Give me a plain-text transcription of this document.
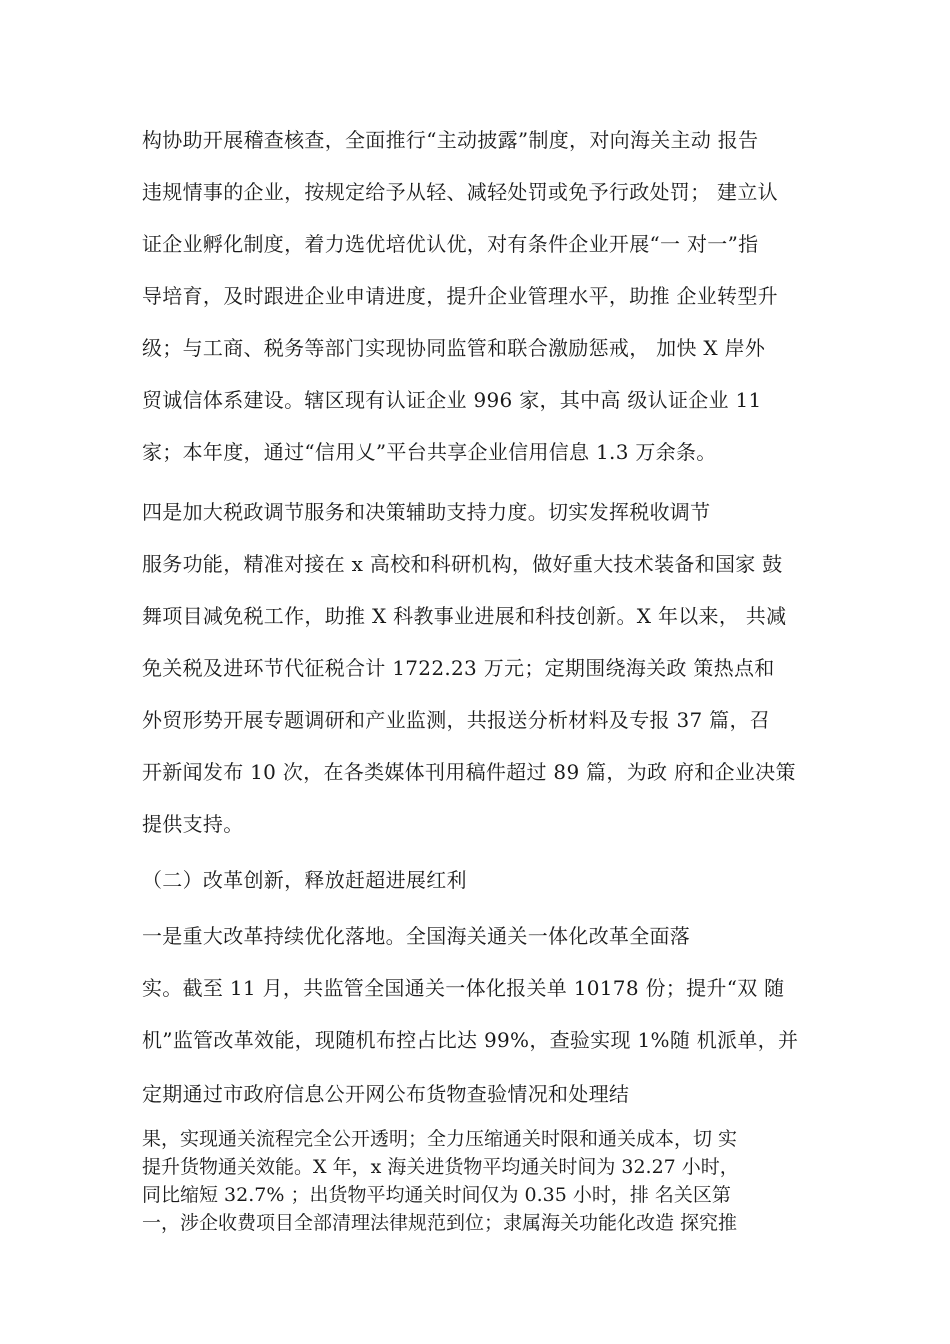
构协助开展稽查核查，全面推行“主动披露”制度，对向海关主动 报告

违规情事的企业，按规定给予从轻、减轻处罚或免予行政处罚； 建立认

证企业孵化制度，着力选优培优认优，对有条件企业开展“一 对一”指

导培育，及时跟进企业申请进度，提升企业管理水平，助推 企业转型升

级；与工商、税务等部门实现协同监管和联合激励惩戒， 加快 X 岸外

贸诚信体系建设。辖区现有认证企业 996 家，其中高 级认证企业 11

家；本年度，通过“信用乂”平台共享企业信用信息 1.3 万余条。

四是加大税政调节服务和决策辅助支持力度。切实发挥税收调节

服务功能，精准对接在 x 高校和科研机构，做好重大技术装备和国家 鼓

舞项目减免税工作，助推 X 科教事业进展和科技创新。X 年以来， 共减

免关税及进环节代征税合计 1722.23 万元；定期围绕海关政 策热点和

外贸形势开展专题调研和产业监测，共报送分析材料及专报 37 篇，召

开新闻发布 10 次，在各类媒体刊用稿件超过 89 篇，为政 府和企业决策

提供支持。

（二）改革创新，释放赶超进展红利

一是重大改革持续优化落地。全国海关通关一体化改革全面落

实。截至 11 月，共监管全国通关一体化报关单 10178 份；提升“双 随

机”监管改革效能，现随机布控占比达 99%，查验实现 1%随 机派单，并

定期通过市政府信息公开网公布货物查验情况和处理结

果，实现通关流程完全公开透明；全力压缩通关时限和通关成本，切 实

提升货物通关效能。X 年，x 海关进货物平均通关时间为 32.27 小时，

同比缩短 32.7% ；出货物平均通关时间仅为 0.35 小时，排 名关区第

一，涉企收费项目全部清理法律规范到位；隶属海关功能化改造 探究推
